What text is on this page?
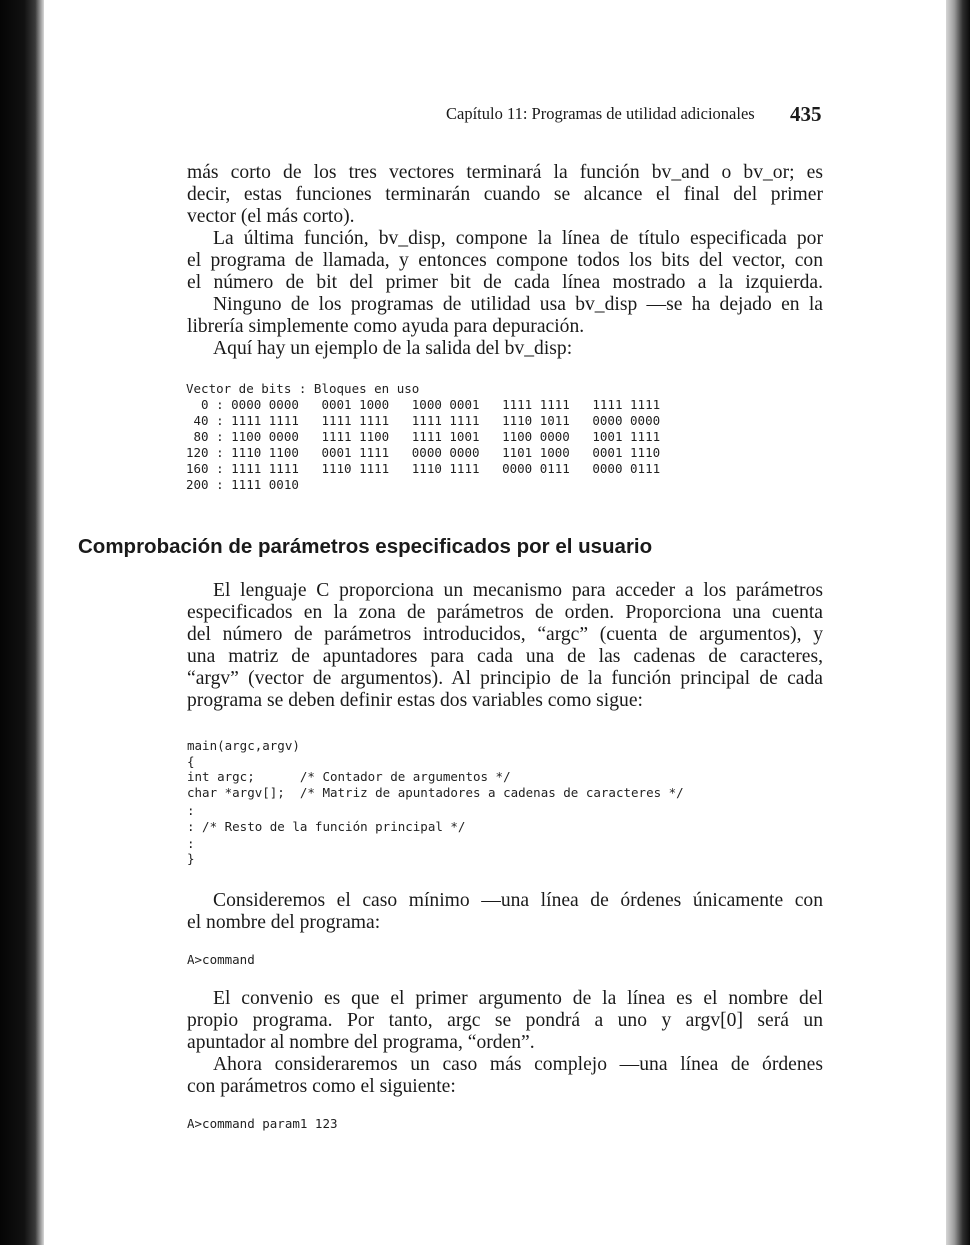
Capítulo 11: Programas de utilidad adicionales 435

más corto de los tres vectores terminará la función bv_and o bv_or; es

decir, estas funciones terminarán cuando se alcance el final del primer

vector (el más corto).

La última función, bv_disp, compone la línea de título especificada por

el programa de llamada, y entonces compone todos los bits del vector, con

el número de bit del primer bit de cada línea mostrado a la izquierda.

Ninguno de los programas de utilidad usa bv_disp —se ha dejado en la

librería simplemente como ayuda para depuración.

Aquí hay un ejemplo de la salida del bv_disp:

Vector de bits : Bloques en uso
0 : 0000 0000   0001 1000   1000 0001   1111 1111   1111 1111
40 : 1111 1111   1111 1111   1111 1111   1110 1011   0000 0000
80 : 1100 0000   1111 1100   1111 1001   1100 0000   1001 1111
120 : 1110 1100   0001 1111   0000 0000   1101 1000   0001 1110
160 : 1111 1111   1110 1111   1110 1111   0000 0111   0000 0111
200 : 1111 0010
Comprobación de parámetros especificados por el usuario

El lenguaje C proporciona un mecanismo para acceder a los parámetros

especificados en la zona de parámetros de orden. Proporciona una cuenta

del número de parámetros introducidos, “argc” (cuenta de argumentos), y

una matriz de apuntadores para cada una de las cadenas de caracteres,

“argv” (vector de argumentos). Al principio de la función principal de cada

programa se deben definir estas dos variables como sigue:

main(argc,argv)
{
int argc;      /* Contador de argumentos */
char *argv[];  /* Matriz de apuntadores a cadenas de caracteres */
:
: /* Resto de la función principal */
:
}

Consideremos el caso mínimo —una línea de órdenes únicamente con

el nombre del programa:

A>command

El convenio es que el primer argumento de la línea es el nombre del

propio programa. Por tanto, argc se pondrá a uno y argv[0] será un

apuntador al nombre del programa, “orden”.

Ahora consideraremos un caso más complejo —una línea de órdenes

con parámetros como el siguiente:

A>command param1 123
